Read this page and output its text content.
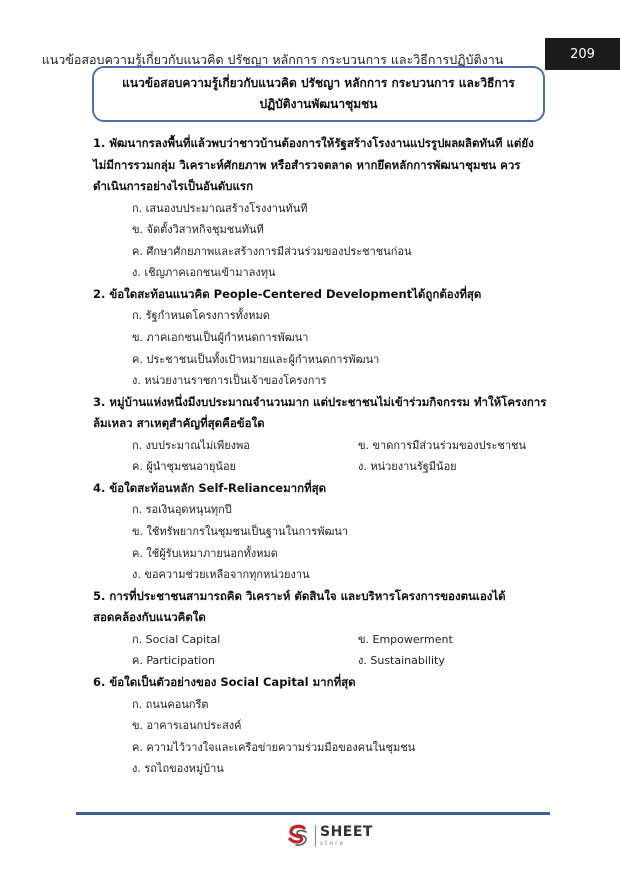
แนวข้อสอบความรู้เกี่ยวกับแนวคิด ปรัชญา หลักการ กระบวนการ และวิธีการปฏิบัติงาน	209
แนวข้อสอบความรู้เกี่ยวกับแนวคิด ปรัชญา หลักการ กระบวนการ และวิธีการปฏิบัติงานพัฒนาชุมชน
1. พัฒนากรลงพื้นที่แล้วพบว่าชาวบ้านต้องการให้รัฐสร้างโรงงานแปรรูปผลผลิตทันที แต่ยังไม่มีการรวมกลุ่ม วิเคราะห์ศักยภาพ หรือสำรวจตลาด หากยึดหลักการพัฒนาชุมชน ควรดำเนินการอย่างไรเป็นอันดับแรก
ก. เสนองบประมาณสร้างโรงงานทันที
ข. จัดตั้งวิสาหกิจชุมชนทันที
ค. ศึกษาศักยภาพและสร้างการมีส่วนร่วมของประชาชนก่อน
ง. เชิญภาคเอกชนเข้ามาลงทุน
2. ข้อใดสะท้อนแนวคิด People-Centered Developmentได้ถูกต้องที่สุด
ก. รัฐกำหนดโครงการทั้งหมด
ข. ภาคเอกชนเป็นผู้กำหนดการพัฒนา
ค. ประชาชนเป็นทั้งเป้าหมายและผู้กำหนดการพัฒนา
ง. หน่วยงานราชการเป็นเจ้าของโครงการ
3. หมู่บ้านแห่งหนึ่งมีงบประมาณจำนวนมาก แต่ประชาชนไม่เข้าร่วมกิจกรรม ทำให้โครงการล้มเหลว สาเหตุสำคัญที่สุดคือข้อใด
ก. งบประมาณไม่เพียงพอ	ข. ขาดการมีส่วนร่วมของประชาชน
ค. ผู้นำชุมชนอายุน้อย	ง. หน่วยงานรัฐมีน้อย
4. ข้อใดสะท้อนหลัก Self-Relianceมากที่สุด
ก. รอเงินอุดหนุนทุกปี
ข. ใช้ทรัพยากรในชุมชนเป็นฐานในการพัฒนา
ค. ใช้ผู้รับเหมาภายนอกทั้งหมด
ง. ขอความช่วยเหลือจากทุกหน่วยงาน
5. การที่ประชาชนสามารถคิด วิเคราะห์ ตัดสินใจ และบริหารโครงการของตนเองได้ สอดคล้องกับแนวคิดใด
ก. Social Capital	ข. Empowerment
ค. Participation	ง. Sustainability
6. ข้อใดเป็นตัวอย่างของ Social Capital มากที่สุด
ก. ถนนคอนกรีต
ข. อาคารเอนกประสงค์
ค. ความไว้วางใจและเครือข่ายความร่วมมือของคนในชุมชน
ง. รถไถของหมู่บ้าน
SHEET
store
